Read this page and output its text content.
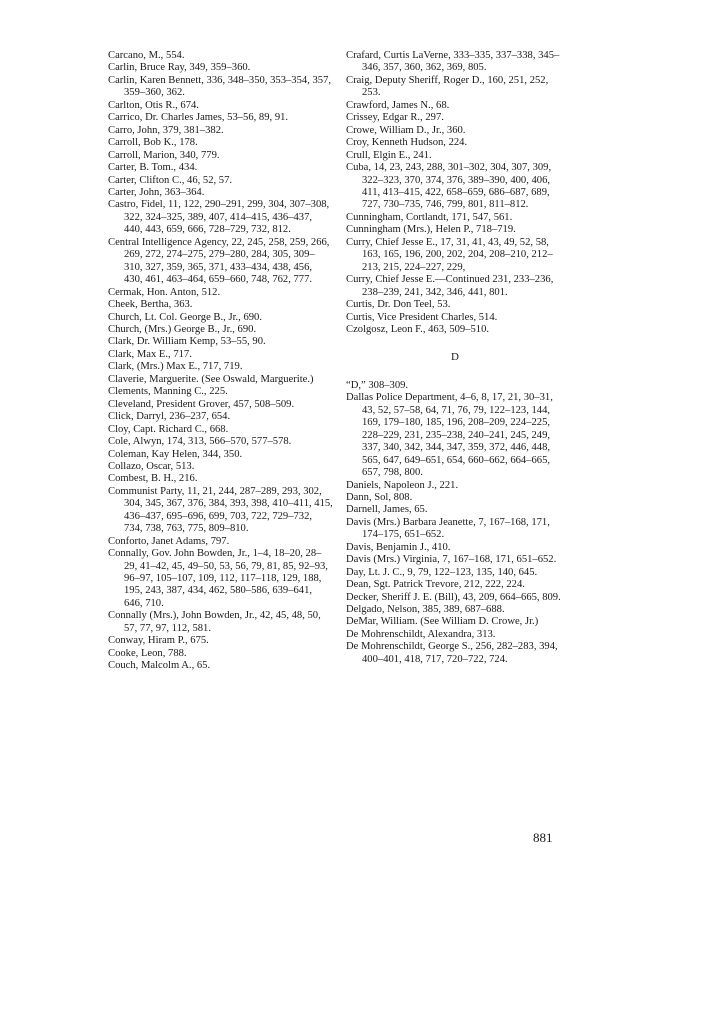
Carcano, M., 554.

Carlin, Bruce Ray, 349, 359–360.

Carlin, Karen Bennett, 336, 348–350, 353–354, 357, 359–360, 362.

Carlton, Otis R., 674.

Carrico, Dr. Charles James, 53–56, 89, 91.

Carro, John, 379, 381–382.

Carroll, Bob K., 178.

Carroll, Marion, 340, 779.

Carter, B. Tom., 434.

Carter, Clifton C., 46, 52, 57.

Carter, John, 363–364.

Castro, Fidel, 11, 122, 290–291, 299, 304, 307–308, 322, 324–325, 389, 407, 414–415, 436–437, 440, 443, 659, 666, 728–729, 732, 812.

Central Intelligence Agency, 22, 245, 258, 259, 266, 269, 272, 274–275, 279–280, 284, 305, 309–310, 327, 359, 365, 371, 433–434, 438, 456, 430, 461, 463–464, 659–660, 748, 762, 777.

Cermak, Hon. Anton, 512.

Cheek, Bertha, 363.

Church, Lt. Col. George B., Jr., 690.

Church, (Mrs.) George B., Jr., 690.

Clark, Dr. William Kemp, 53–55, 90.

Clark, Max E., 717.

Clark, (Mrs.) Max E., 717, 719.

Claverie, Marguerite. (See Oswald, Marguerite.)

Clements, Manning C., 225.

Cleveland, President Grover, 457, 508–509.

Click, Darryl, 236–237, 654.

Cloy, Capt. Richard C., 668.

Cole, Alwyn, 174, 313, 566–570, 577–578.

Coleman, Kay Helen, 344, 350.

Collazo, Oscar, 513.

Combest, B. H., 216.

Communist Party, 11, 21, 244, 287–289, 293, 302, 304, 345, 367, 376, 384, 393, 398, 410–411, 415, 436–437, 695–696, 699, 703, 722, 729–732, 734, 738, 763, 775, 809–810.

Conforto, Janet Adams, 797.

Connally, Gov. John Bowden, Jr., 1–4, 18–20, 28–29, 41–42, 45, 49–50, 53, 56, 79, 81, 85, 92–93, 96–97, 105–107, 109, 112, 117–118, 129, 188, 195, 243, 387, 434, 462, 580–586, 639–641, 646, 710.

Connally (Mrs.), John Bowden, Jr., 42, 45, 48, 50, 57, 77, 97, 112, 581.

Conway, Hiram P., 675.

Cooke, Leon, 788.

Couch, Malcolm A., 65.

Crafard, Curtis LaVerne, 333–335, 337–338, 345–346, 357, 360, 362, 369, 805.

Craig, Deputy Sheriff, Roger D., 160, 251, 252, 253.

Crawford, James N., 68.

Crissey, Edgar R., 297.

Crowe, William D., Jr., 360.

Croy, Kenneth Hudson, 224.

Crull, Elgin E., 241.

Cuba, 14, 23, 243, 288, 301–302, 304, 307, 309, 322–323, 370, 374, 376, 389–390, 400, 406, 411, 413–415, 422, 658–659, 686–687, 689, 727, 730–735, 746, 799, 801, 811–812.

Cunningham, Cortlandt, 171, 547, 561.

Cunningham (Mrs.), Helen P., 718–719.

Curry, Chief Jesse E., 17, 31, 41, 43, 49, 52, 58, 163, 165, 196, 200, 202, 204, 208–210, 212–213, 215, 224–227, 229,

Curry, Chief Jesse E.—Continued 231, 233–236, 238–239, 241, 342, 346, 441, 801.

Curtis, Dr. Don Teel, 53.

Curtis, Vice President Charles, 514.

Czolgosz, Leon F., 463, 509–510.

D

“D,” 308–309.

Dallas Police Department, 4–6, 8, 17, 21, 30–31, 43, 52, 57–58, 64, 71, 76, 79, 122–123, 144, 169, 179–180, 185, 196, 208–209, 224–225, 228–229, 231, 235–238, 240–241, 245, 249, 337, 340, 342, 344, 347, 359, 372, 446, 448, 565, 647, 649–651, 654, 660–662, 664–665, 657, 798, 800.

Daniels, Napoleon J., 221.

Dann, Sol, 808.

Darnell, James, 65.

Davis (Mrs.) Barbara Jeanette, 7, 167–168, 171, 174–175, 651–652.

Davis, Benjamin J., 410.

Davis (Mrs.) Virginia, 7, 167–168, 171, 651–652.

Day, Lt. J. C., 9, 79, 122–123, 135, 140, 645.

Dean, Sgt. Patrick Trevore, 212, 222, 224.

Decker, Sheriff J. E. (Bill), 43, 209, 664–665, 809.

Delgado, Nelson, 385, 389, 687–688.

DeMar, William. (See William D. Crowe, Jr.)

De Mohrenschildt, Alexandra, 313.

De Mohrenschildt, George S., 256, 282–283, 394, 400–401, 418, 717, 720–722, 724.

881
